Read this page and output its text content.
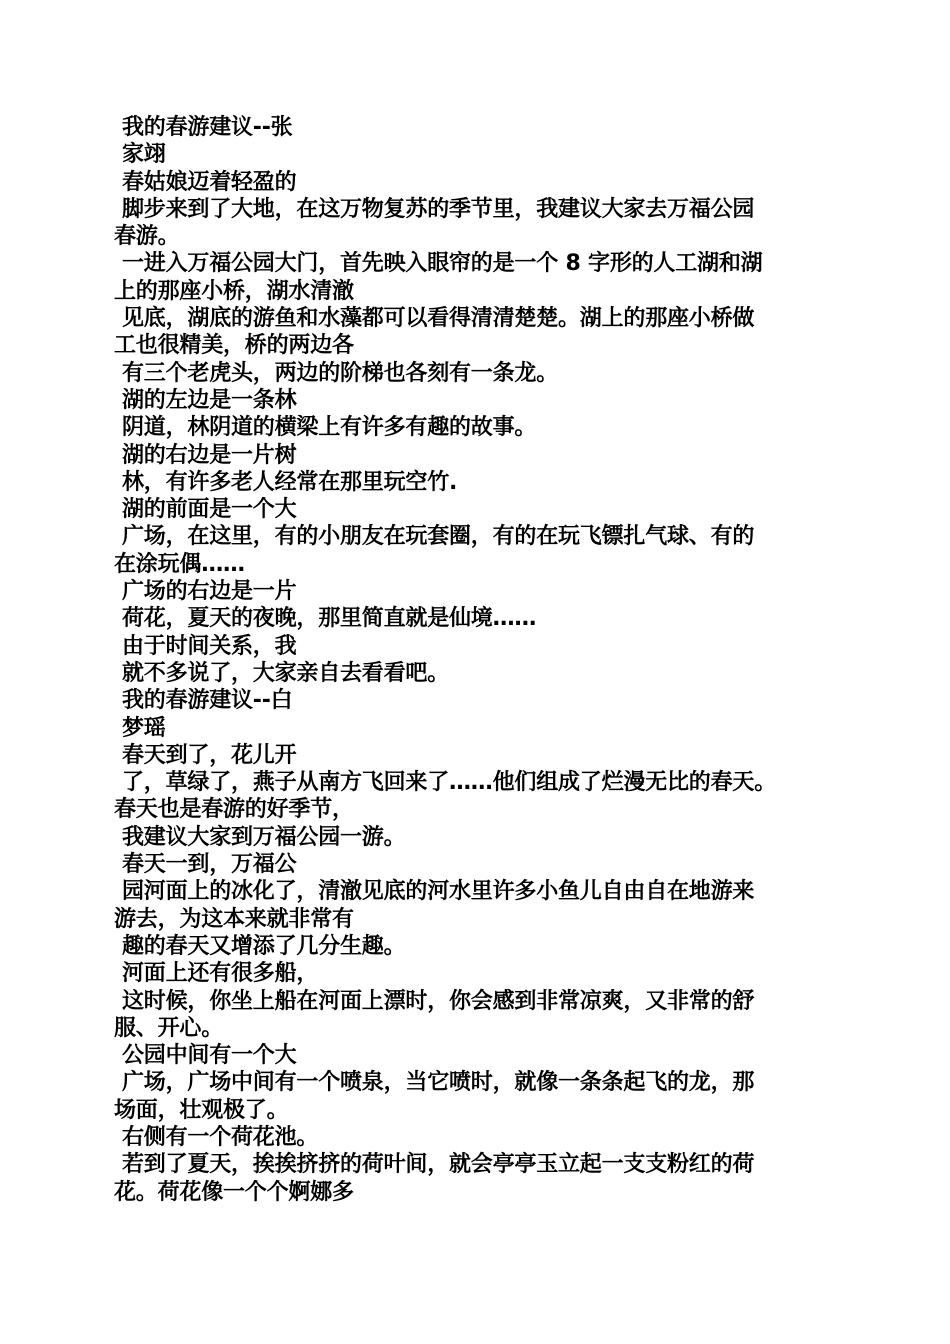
我的春游建议--张
家翊
春姑娘迈着轻盈的
脚步来到了大地，在这万物复苏的季节里，我建议大家去万福公园
春游。
一进入万福公园大门，首先映入眼帘的是一个 8 字形的人工湖和湖
上的那座小桥，湖水清澈
见底，湖底的游鱼和水藻都可以看得清清楚楚。湖上的那座小桥做
工也很精美，桥的两边各
有三个老虎头，两边的阶梯也各刻有一条龙。
湖的左边是一条林
阴道，林阴道的横梁上有许多有趣的故事。
湖的右边是一片树
林，有许多老人经常在那里玩空竹.
湖的前面是一个大
广场，在这里，有的小朋友在玩套圈，有的在玩飞镖扎气球、有的
在涂玩偶……
广场的右边是一片
荷花，夏天的夜晚，那里简直就是仙境……
由于时间关系，我
就不多说了，大家亲自去看看吧。
我的春游建议--白
梦瑶
春天到了，花儿开
了，草绿了，燕子从南方飞回来了……他们组成了烂漫无比的春天。
春天也是春游的好季节，
我建议大家到万福公园一游。
春天一到，万福公
园河面上的冰化了，清澈见底的河水里许多小鱼儿自由自在地游来
游去，为这本来就非常有
趣的春天又增添了几分生趣。
河面上还有很多船，
这时候，你坐上船在河面上漂时，你会感到非常凉爽，又非常的舒
服、开心。
公园中间有一个大
广场，广场中间有一个喷泉，当它喷时，就像一条条起飞的龙，那
场面，壮观极了。
右侧有一个荷花池。
若到了夏天，挨挨挤挤的荷叶间，就会亭亭玉立起一支支粉红的荷
花。荷花像一个个婀娜多
